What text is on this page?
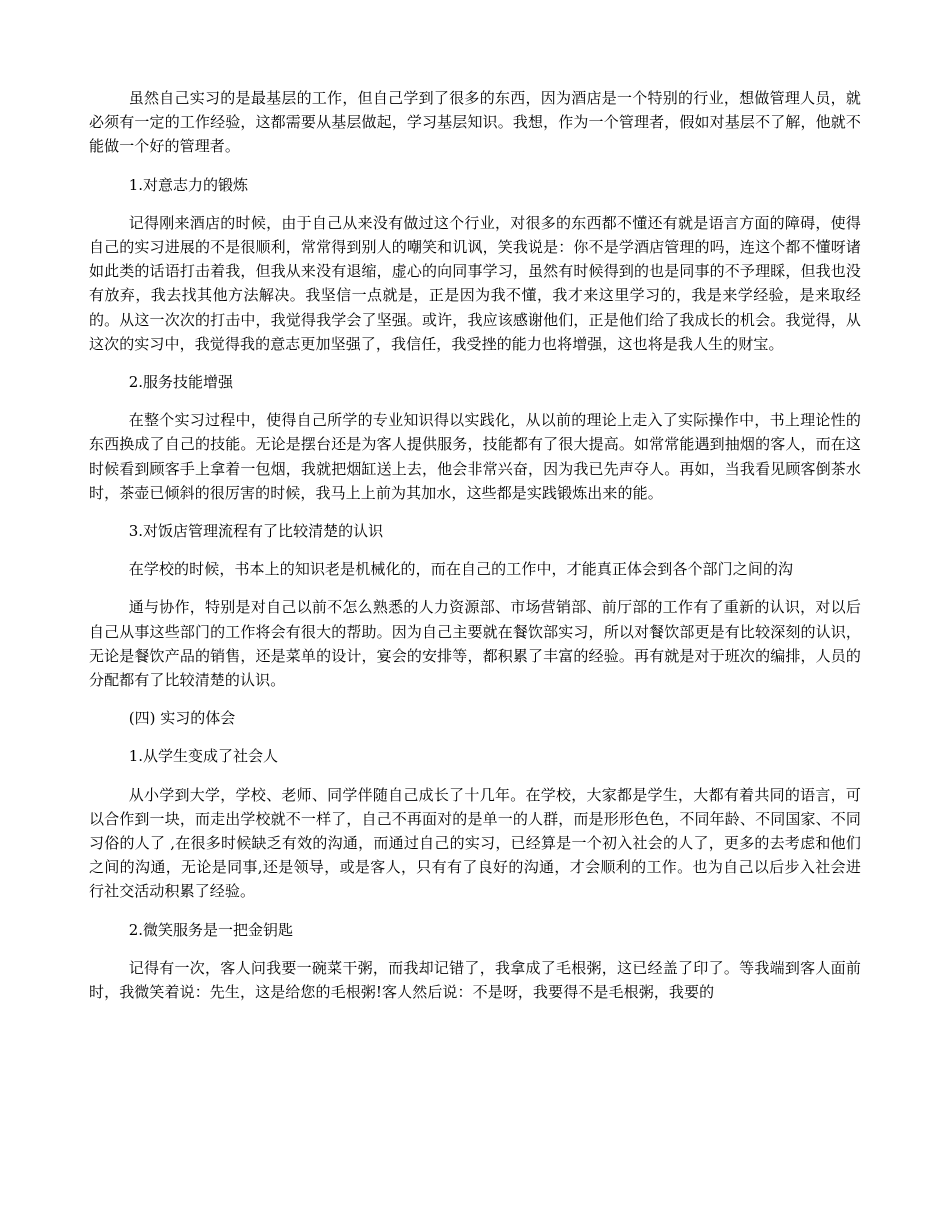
虽然自己实习的是最基层的工作，但自己学到了很多的东西，因为酒店是一个特别的行业，想做管理人员，就必须有一定的工作经验，这都需要从基层做起，学习基层知识。我想，作为一个管理者，假如对基层不了解，他就不能做一个好的管理者。

1.对意志力的锻炼

记得刚来酒店的时候，由于自己从来没有做过这个行业，对很多的东西都不懂还有就是语言方面的障碍，使得自己的实习进展的不是很顺利，常常得到别人的嘲笑和讥讽，笑我说是：你不是学酒店管理的吗，连这个都不懂呀诸如此类的话语打击着我，但我从来没有退缩，虚心的向同事学习，虽然有时候得到的也是同事的不予理睬，但我也没有放弃，我去找其他方法解决。我坚信一点就是，正是因为我不懂，我才来这里学习的，我是来学经验，是来取经的。从这一次次的打击中，我觉得我学会了坚强。或许，我应该感谢他们，正是他们给了我成长的机会。我觉得，从这次的实习中，我觉得我的意志更加坚强了，我信任，我受挫的能力也将增强，这也将是我人生的财宝。

2.服务技能增强

在整个实习过程中，使得自己所学的专业知识得以实践化，从以前的理论上走入了实际操作中，书上理论性的东西换成了自己的技能。无论是摆台还是为客人提供服务，技能都有了很大提高。如常常能遇到抽烟的客人，而在这时候看到顾客手上拿着一包烟，我就把烟缸送上去，他会非常兴奋，因为我已先声夺人。再如，当我看见顾客倒茶水时，茶壶已倾斜的很厉害的时候，我马上上前为其加水，这些都是实践锻炼出来的能。

3.对饭店管理流程有了比较清楚的认识

在学校的时候，书本上的知识老是机械化的，而在自己的工作中，才能真正体会到各个部门之间的沟

通与协作，特别是对自己以前不怎么熟悉的人力资源部、市场营销部、前厅部的工作有了重新的认识，对以后自己从事这些部门的工作将会有很大的帮助。因为自己主要就在餐饮部实习，所以对餐饮部更是有比较深刻的认识，无论是餐饮产品的销售，还是菜单的设计，宴会的安排等，都积累了丰富的经验。再有就是对于班次的编排，人员的分配都有了比较清楚的认识。

(四) 实习的体会

1.从学生变成了社会人

从小学到大学，学校、老师、同学伴随自己成长了十几年。在学校，大家都是学生，大都有着共同的语言，可以合作到一块，而走出学校就不一样了，自己不再面对的是单一的人群，而是形形色色，不同年龄、不同国家、不同习俗的人了 ,在很多时候缺乏有效的沟通，而通过自己的实习，已经算是一个初入社会的人了，更多的去考虑和他们之间的沟通，无论是同事,还是领导，或是客人，只有有了良好的沟通，才会顺利的工作。也为自己以后步入社会进行社交活动积累了经验。

2.微笑服务是一把金钥匙

记得有一次，客人问我要一碗菜干粥，而我却记错了，我拿成了毛根粥，这已经盖了印了。等我端到客人面前时，我微笑着说：先生，这是给您的毛根粥!客人然后说：不是呀，我要得不是毛根粥，我要的
